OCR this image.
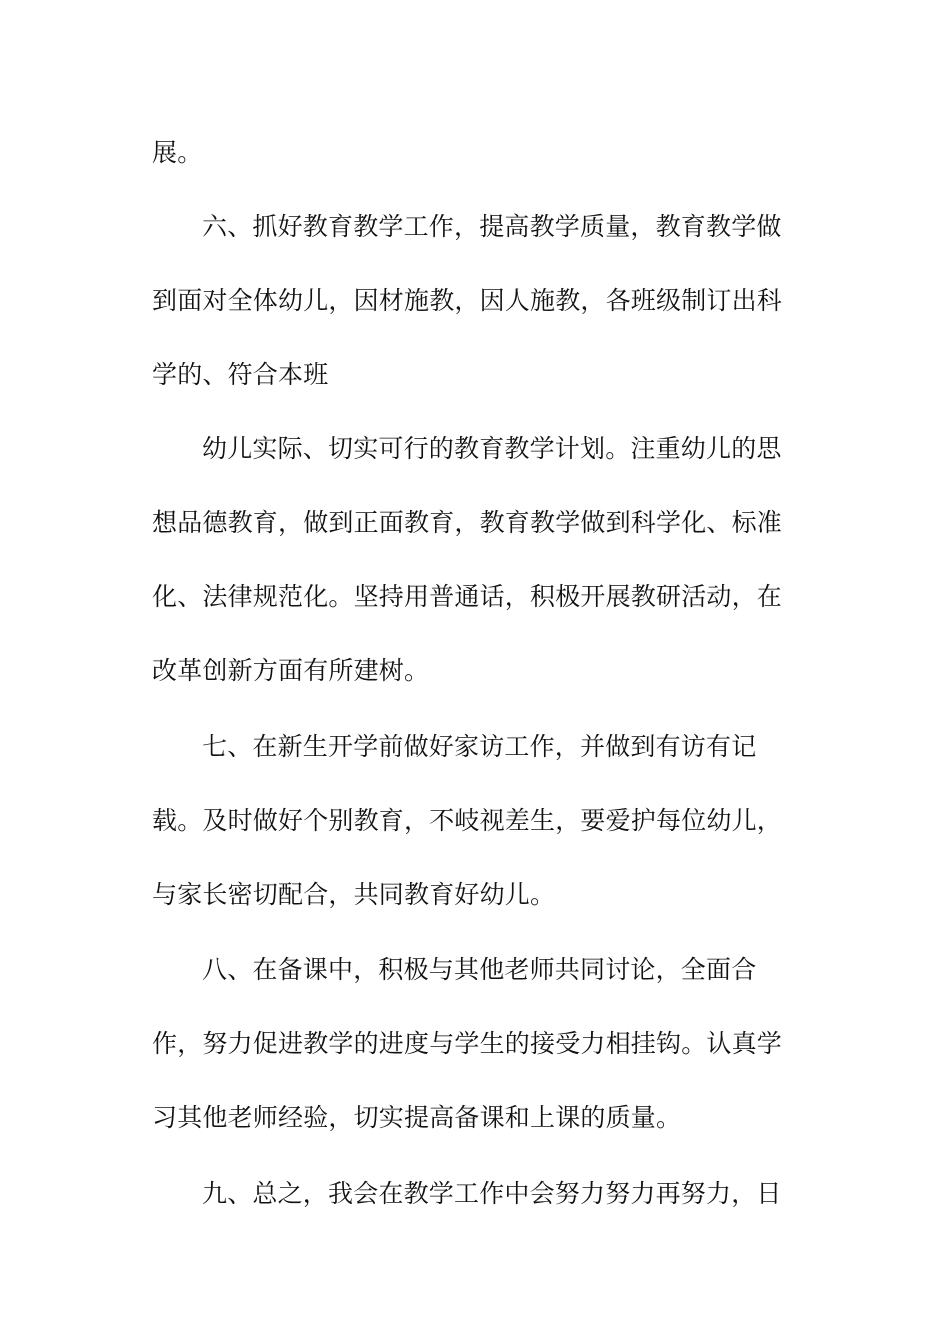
展。
六、抓好教育教学工作，提高教学质量，教育教学做
到面对全体幼儿，因材施教，因人施教，各班级制订出科
学的、符合本班
幼儿实际、切实可行的教育教学计划。注重幼儿的思
想品德教育，做到正面教育，教育教学做到科学化、标准
化、法律规范化。坚持用普通话，积极开展教研活动，在
改革创新方面有所建树。
七、在新生开学前做好家访工作，并做到有访有记
载。及时做好个别教育，不岐视差生，要爱护每位幼儿，
与家长密切配合，共同教育好幼儿。
八、在备课中，积极与其他老师共同讨论，全面合
作，努力促进教学的进度与学生的接受力相挂钩。认真学
习其他老师经验，切实提高备课和上课的质量。
九、总之，我会在教学工作中会努力努力再努力，日
